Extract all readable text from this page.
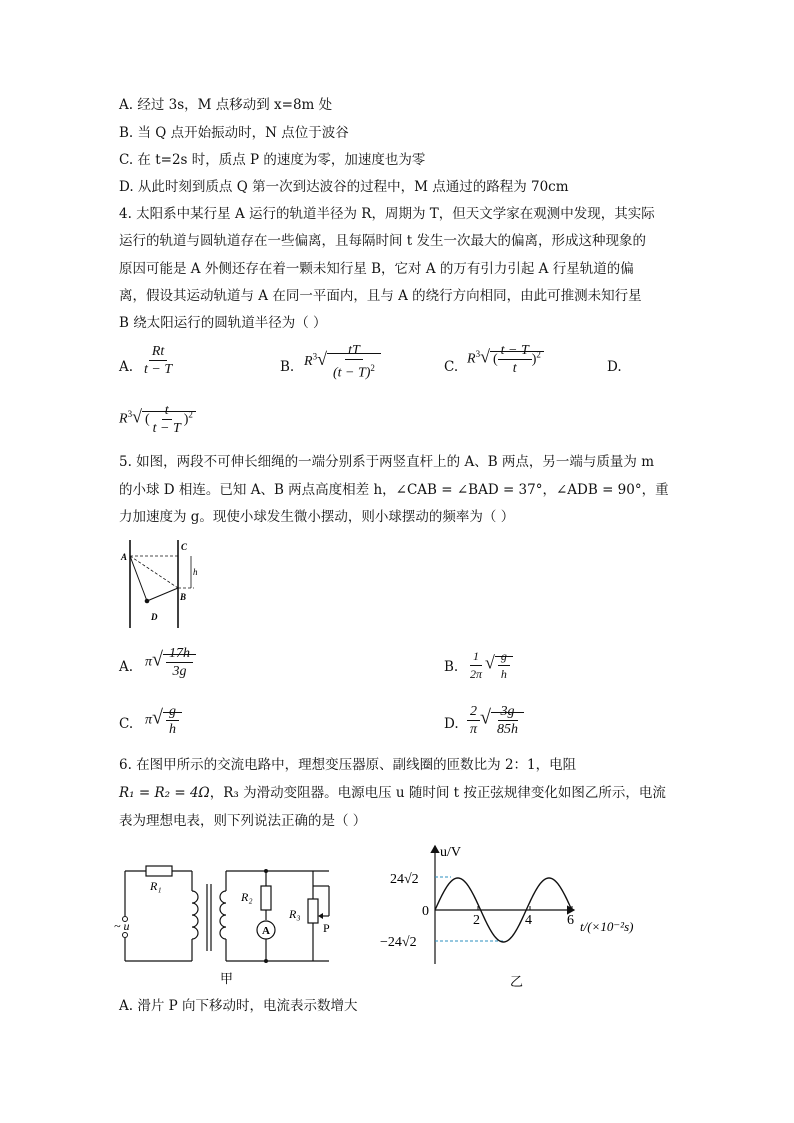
A. 经过 3s，M 点移动到 x=8m 处
B. 当 Q 点开始振动时，N 点位于波谷
C. 在 t=2s 时，质点 P 的速度为零，加速度也为零
D. 从此时刻到质点 Q 第一次到达波谷的过程中，M 点通过的路程为 70cm
4. 太阳系中某行星 A 运行的轨道半径为 R，周期为 T，但天文学家在观测中发现，其实际
运行的轨道与圆轨道存在一些偏离，且每隔时间 t 发生一次最大的偏离，形成这种现象的
原因可能是 A 外侧还存在着一颗未知行星 B，它对 A 的万有引力引起 A 行星轨道的偏
离，假设其运动轨道与 A 在同一平面内，且与 A 的绕行方向相同，由此可推测未知行星
B 绕太阳运行的圆轨道半径为（ ）
A. $\frac{Rt}{t - T}$	B. $R^3√ \frac{tT}{(t - T)^2}$	C. $R^3√$ ( $\frac{t - T}{t} )^2$
D.
$R^3√$ ( $\frac{t}{t - T} )^2$
5. 如图，两段不可伸长细绳的一端分别系于两竖直杆上的 A、B 两点，另一端与质量为 m
的小球 D 相连。已知 A、B 两点高度相差 h，∠CAB = ∠BAD = 37°，∠ADB = 90°，重
力加速度为 g。现使小球发生微小摆动，则小球摆动的频率为（ ）
A
C
h
B
D
A. $\pi√ \frac{17h}{3g}$	B. $\frac{1}{2\pi}$ √ $\frac{g}{h}$
C. $\pi√ \frac{g}{h}$	D. $\frac{2}{\pi}$ √ $\frac{3g}{85h}$
6. 在图甲所示的交流电路中，理想变压器原、副线圈的匝数比为 2：1，电阻
R₁ = R₂ = 4Ω，R₃ 为滑动变阻器。电源电压 u 随时间 t 按正弦规律变化如图乙所示，电流
表为理想电表，则下列说法正确的是（ ）
R₁
~ u
R₂
A
R₃
P
甲
u/V
24√2
0
−24√2
2	4	6 t/(×10⁻²s)
乙
A. 滑片 P 向下移动时，电流表示数增大
